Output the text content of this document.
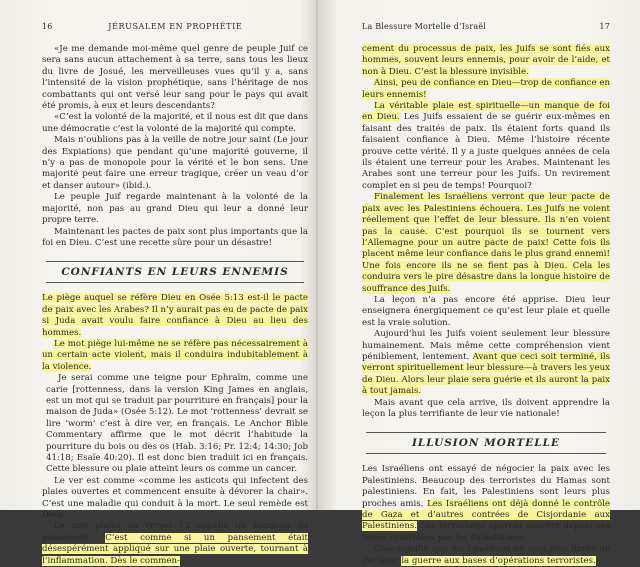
16	JÉRUSALEM EN PROPHÉTIE

«Je me demande moi-même quel genre de peuple Juif ce sera sans aucun attachement à sa terre, sans tous les lieux du livre de Josué, les merveilleuses vues qu’il y a, sans l’intensité de la vision prophétique, sans l’héritage de nos combattants qui ont versé leur sang pour le pays qui avait été promis, à eux et leurs descendants?

«C’est la volonté de la majorité, et il nous est dit que dans une démocratie c’est la volonté de la majorité qui compte.

Mais n’oublions pas à la veille de notre jour saint (Le jour des Expiations) que pendant qu’une majorité gouverne, il n’y a pas de monopole pour la vérité et le bon sens. Une majorité peut faire une erreur tragique, créer un veau d’or et danser autour» (ibid.).

Le peuple Juif regarde maintenant à la volonté de la majorité, non pas au grand Dieu qui leur a donné leur propre terre.

Maintenant les pactes de paix sont plus importants que la foi en Dieu. C’est une recette sûre pour un désastre!

CONFIANTS EN LEURS ENNEMIS

Le piège auquel se réfère Dieu en Osée 5:13 est-il le pacte de paix avec les Arabes? Il n’y aurait pas eu de pacte de paix si Juda avait voulu faire confiance à Dieu au lieu des hommes.

Le mot piège lui-même ne se réfère pas nécessairement à un certain acte violent, mais il conduira indubitablement à la violence.

Je serai comme une teigne pour Ephraïm, comme une carie [rottenness, dans la version King James en anglais, est un mot qui se traduit par pourriture en français] pour la maison de Juda» (Osée 5:12). Le mot ‘rottenness’ devrait se lire ‘worm’ c’est à dire ver, en français. Le Anchor Bible Commentary affirme que le mot décrit l’habitude la pourriture du bois ou des os (Hab. 3:16; Pr. 12:4; 14:30; Job 41:18; Esaïe 40:20). Il est donc bien traduit ici en français. Cette blessure ou plaie atteint leurs os comme un cancer.

Le ver est comme «comme les asticots qui infectent des plaies ouvertes et commencent ensuite à dévorer la chair». C’est une maladie qui conduit à la mort. Le seul remède est Dieu.

Le mot plaies au verset 13 appelle un bandage ou pansement. C’est comme si un pansement était désespérément appliqué sur une plaie ouverte, tournant à l’inflammation. Dès le commen-

La Blessure Mortelle d’Israël	17

cement du processus de paix, les Juifs se sont fiés aux hommes, souvent leurs ennemis, pour avoir de l’aide, et non à Dieu. C’est la blessure invisible.

Ainsi, peu de confiance en Dieu—trop de confiance en leurs ennemis!

La véritable plaie est spirituelle—un manque de foi en Dieu. Les Juifs essaient de se guérir eux-mêmes en faisant des traités de paix. Ils étaient forts quand ils faisaient confiance à Dieu. Même l’histoire récente prouve cette vérité. Il y a juste quelques années de cela ils étaient une terreur pour les Arabes. Maintenant les Arabes sont une terreur pour les Juifs. Un revirement complet en si peu de temps! Pourquoi?

Finalement les Israéliens verront que leur pacte de paix avec les Palestiniens échouera. Les Juifs ne voient réellement que l’effet de leur blessure. Ils n’en voient pas la cause. C’est pourquoi ils se tournent vers l’Allemagne pour un autre pacte de paix! Cette fois ils placent même leur confiance dans le plus grand ennemi! Une fois encore ils ne se fient pas à Dieu. Cela les conduira vers le pire désastre dans la longue histoire de souffrance des Juifs.

La leçon n’a pas encore été apprise. Dieu leur enseignera énergiquement ce qu’est leur plaie et quelle est la vraie solution.

Aujourd’hui les Juifs voient seulement leur blessure humainement. Mais même cette compréhension vient péniblement, lentement. Avant que ceci soit terminé, ils verront spirituellement leur blessure—à travers les yeux de Dieu. Alors leur plaie sera guérie et ils auront la paix à tout jamais.

Mais avant que cela arrive, ils doivent apprendre la leçon la plus terrifiante de leur vie nationale!

ILLUSION MORTELLE

Les Israéliens ont essayé de négocier la paix avec les Palestiniens. Beaucoup des terroristes du Hamas sont palestiniens. En fait, les Palestiniens sont leurs plus proches amis. Les Israéliens ont déjà donné le contrôle de Gaza et d’autres contrées de Cisjordanie aux Palestiniens. Les terroristes opèrent souvent depuis ces zones contrôlées par les Palestiniens.

Cela signifie que les Israéliens ne sont plus libres de déclarer la guerre aux bases d’opérations terroristes.
